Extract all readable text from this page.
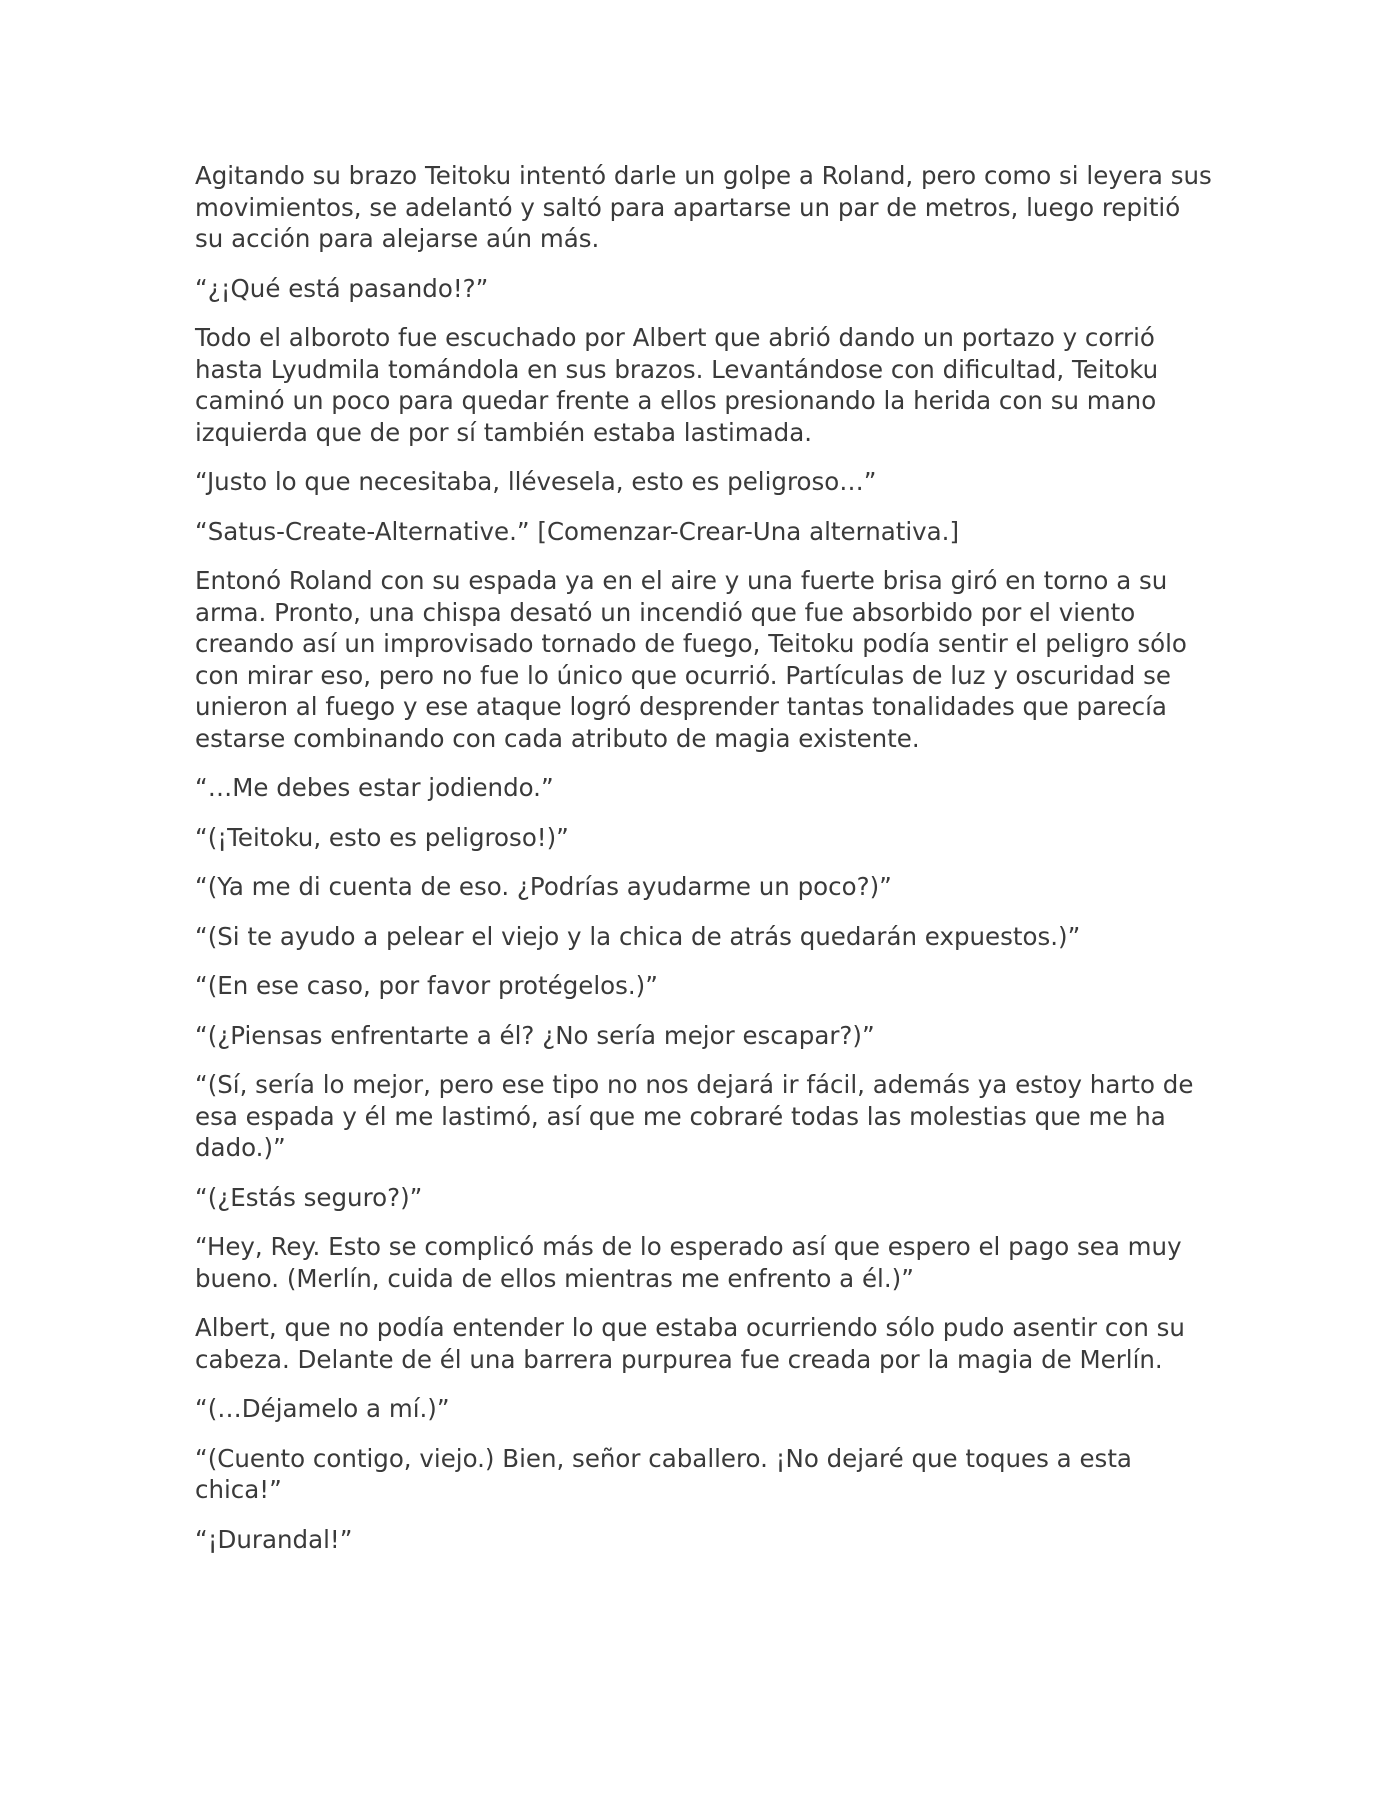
Agitando su brazo Teitoku intentó darle un golpe a Roland, pero como si leyera sus movimientos, se adelantó y saltó para apartarse un par de metros, luego repitió su acción para alejarse aún más.

“¿¡Qué está pasando!?”

Todo el alboroto fue escuchado por Albert que abrió dando un portazo y corrió hasta Lyudmila tomándola en sus brazos. Levantándose con dificultad, Teitoku caminó un poco para quedar frente a ellos presionando la herida con su mano izquierda que de por sí también estaba lastimada.

“Justo lo que necesitaba, llévesela, esto es peligroso…”

“Satus-Create-Alternative.” [Comenzar-Crear-Una alternativa.]

Entonó Roland con su espada ya en el aire y una fuerte brisa giró en torno a su arma. Pronto, una chispa desató un incendió que fue absorbido por el viento creando así un improvisado tornado de fuego, Teitoku podía sentir el peligro sólo con mirar eso, pero no fue lo único que ocurrió. Partículas de luz y oscuridad se unieron al fuego y ese ataque logró desprender tantas tonalidades que parecía estarse combinando con cada atributo de magia existente.

“…Me debes estar jodiendo.”

“(¡Teitoku, esto es peligroso!)”

“(Ya me di cuenta de eso. ¿Podrías ayudarme un poco?)”

“(Si te ayudo a pelear el viejo y la chica de atrás quedarán expuestos.)”

“(En ese caso, por favor protégelos.)”

“(¿Piensas enfrentarte a él? ¿No sería mejor escapar?)”

“(Sí, sería lo mejor, pero ese tipo no nos dejará ir fácil, además ya estoy harto de esa espada y él me lastimó, así que me cobraré todas las molestias que me ha dado.)”

“(¿Estás seguro?)”

“Hey, Rey. Esto se complicó más de lo esperado así que espero el pago sea muy bueno. (Merlín, cuida de ellos mientras me enfrento a él.)”

Albert, que no podía entender lo que estaba ocurriendo sólo pudo asentir con su cabeza. Delante de él una barrera purpurea fue creada por la magia de Merlín.

“(…Déjamelo a mí.)”

“(Cuento contigo, viejo.) Bien, señor caballero. ¡No dejaré que toques a esta chica!”

“¡Durandal!”
